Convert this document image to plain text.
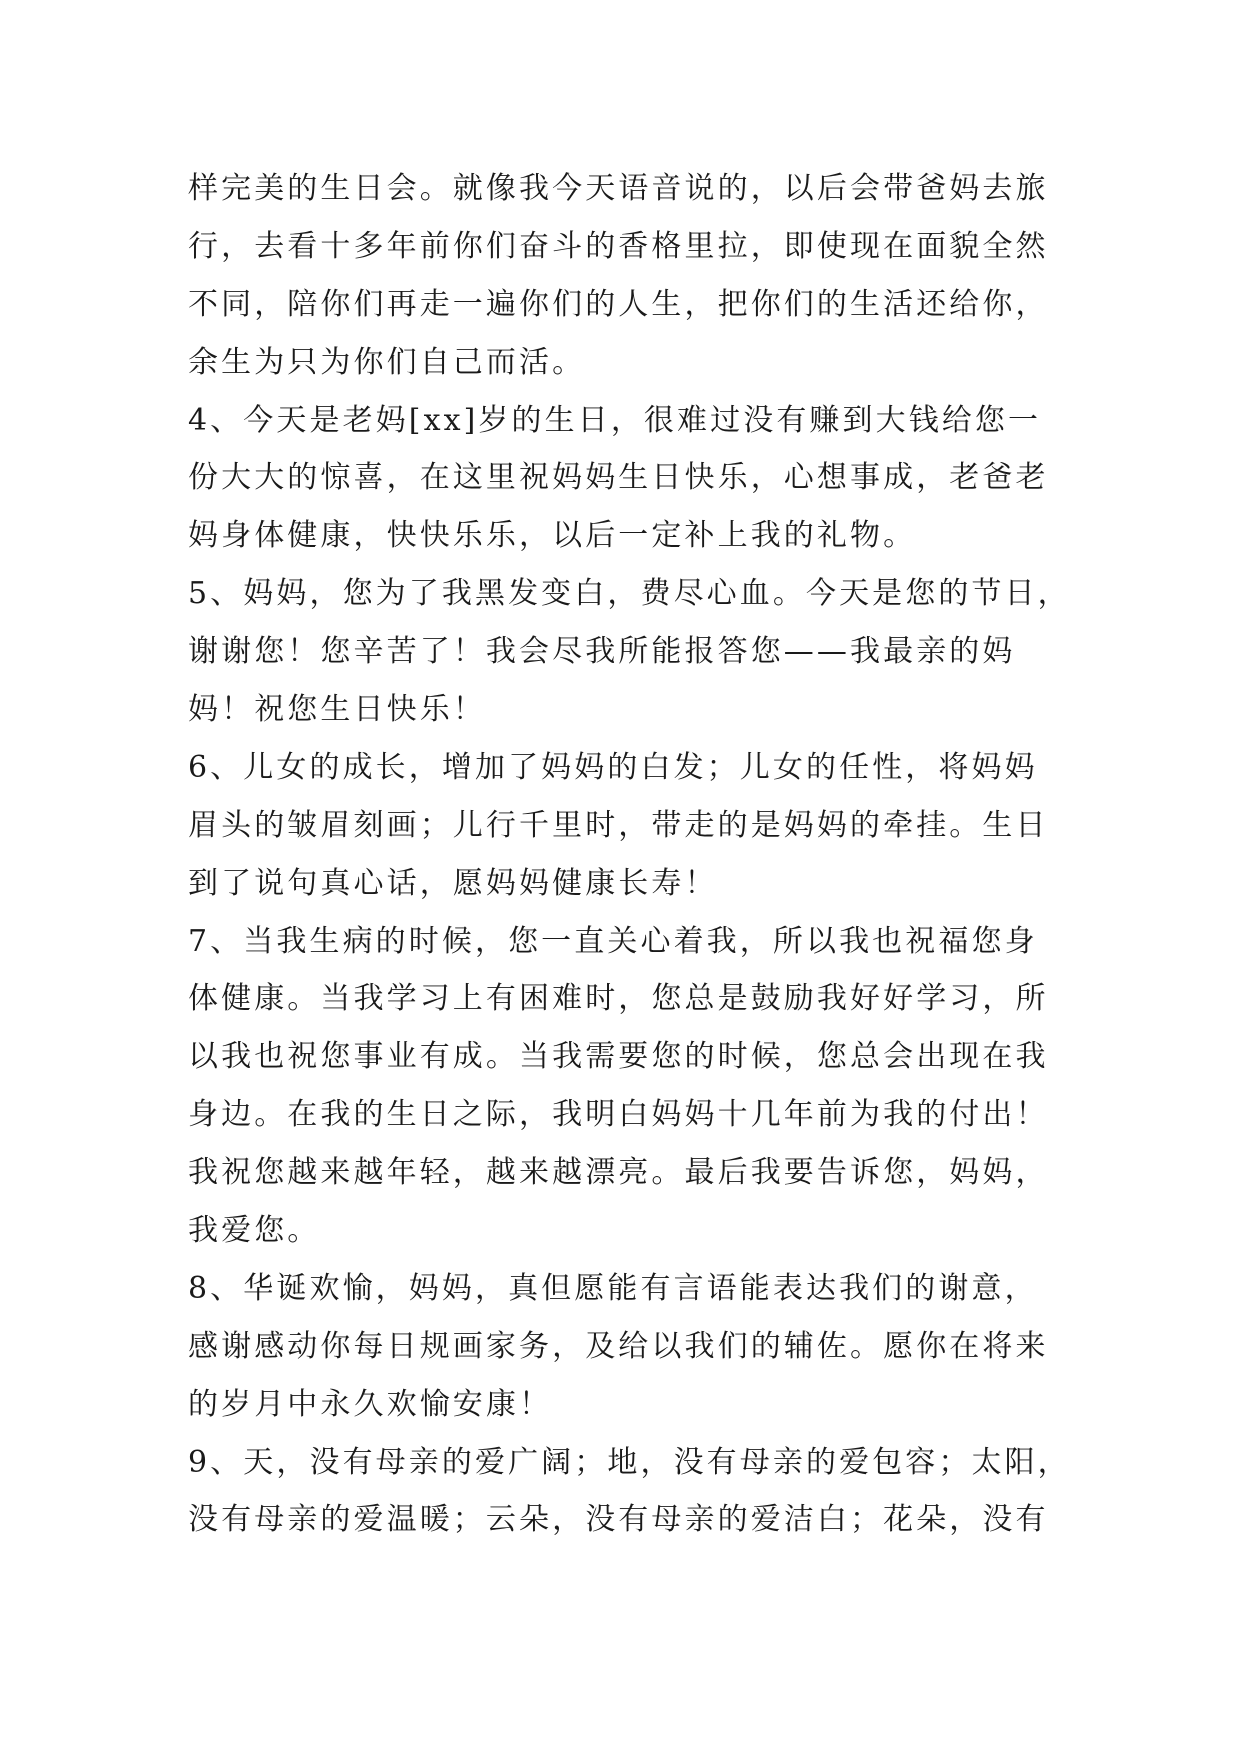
样完美的生日会。就像我今天语音说的，以后会带爸妈去旅
行，去看十多年前你们奋斗的香格里拉，即使现在面貌全然
不同，陪你们再走一遍你们的人生，把你们的生活还给你，
余生为只为你们自己而活。
4、今天是老妈[xx]岁的生日，很难过没有赚到大钱给您一
份大大的惊喜，在这里祝妈妈生日快乐，心想事成，老爸老
妈身体健康，快快乐乐，以后一定补上我的礼物。
5、妈妈，您为了我黑发变白，费尽心血。今天是您的节日，
谢谢您！您辛苦了！我会尽我所能报答您——我最亲的妈
妈！祝您生日快乐！
6、儿女的成长，增加了妈妈的白发；儿女的任性，将妈妈
眉头的皱眉刻画；儿行千里时，带走的是妈妈的牵挂。生日
到了说句真心话，愿妈妈健康长寿！
7、当我生病的时候，您一直关心着我，所以我也祝福您身
体健康。当我学习上有困难时，您总是鼓励我好好学习，所
以我也祝您事业有成。当我需要您的时候，您总会出现在我
身边。在我的生日之际，我明白妈妈十几年前为我的付出！
我祝您越来越年轻，越来越漂亮。最后我要告诉您，妈妈，
我爱您。
8、华诞欢愉，妈妈，真但愿能有言语能表达我们的谢意，
感谢感动你每日规画家务，及给以我们的辅佐。愿你在将来
的岁月中永久欢愉安康！
9、天，没有母亲的爱广阔；地，没有母亲的爱包容；太阳，
没有母亲的爱温暖；云朵，没有母亲的爱洁白；花朵，没有
